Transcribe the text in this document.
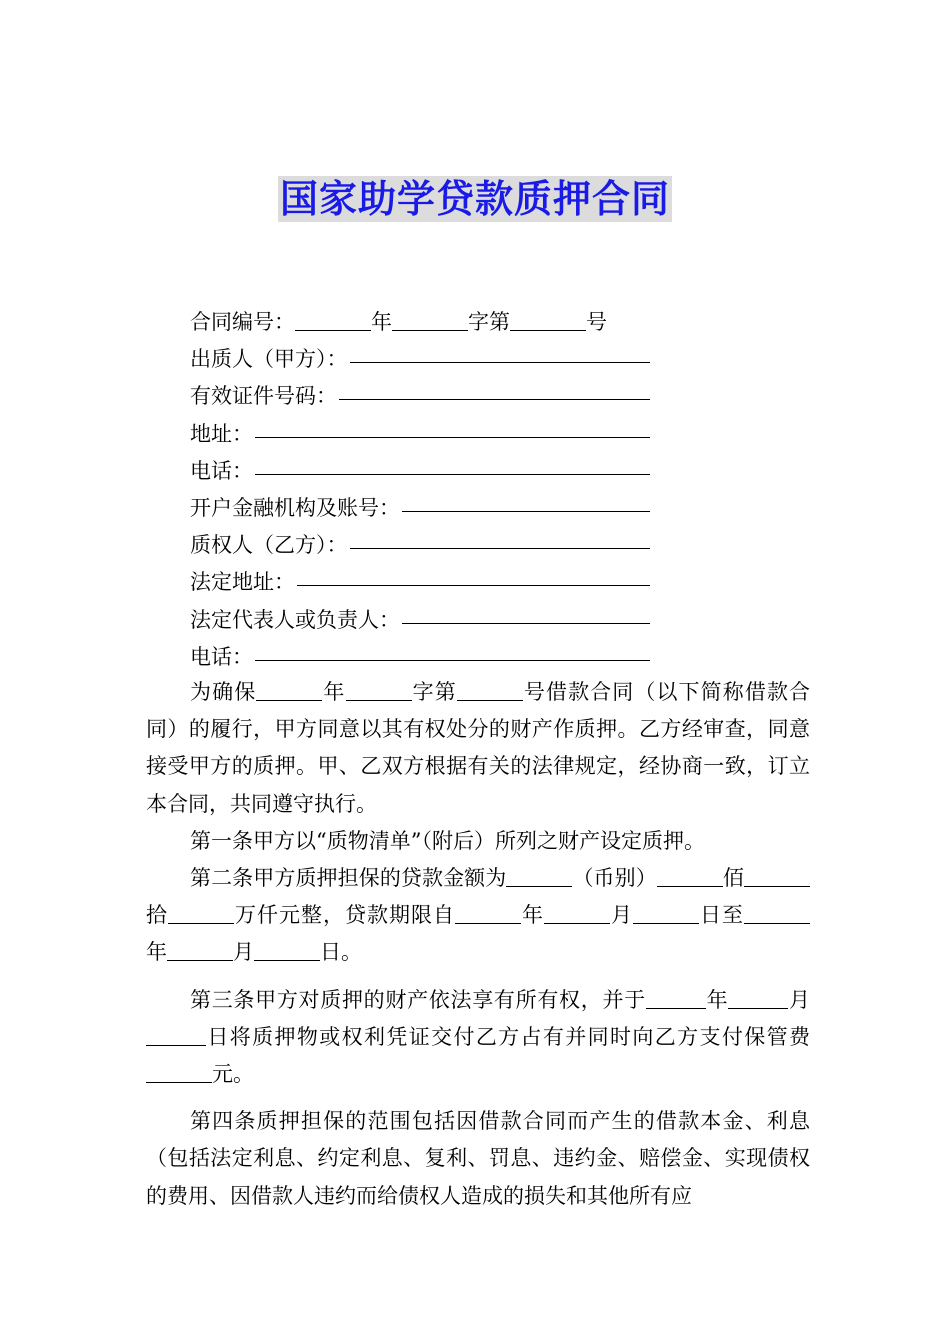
国家助学贷款质押合同
合同编号：	年	字第	号
出质人（甲方）：
有效证件号码：
地址：
电话：
开户金融机构及账号：
质权人（乙方）：
法定地址：
法定代表人或负责人：
电话：

为确保	年	字第	号借款合同（以下简称借款合同）的履行，甲方同意以其有权处分的财产作质押。乙方经审查，同意接受甲方的质押。甲、乙双方根据有关的法律规定，经协商一致，订立本合同，共同遵守执行。

第一条甲方以“质物清单”（附后）所列之财产设定质押。

第二条甲方质押担保的贷款金额为	（币别）	佰拾	万仟元整，贷款期限自	年	月	日至年	月	日。

第三条甲方对质押的财产依法享有所有权，并于	年	月日将质押物或权利凭证交付乙方占有并同时向乙方支付保管费元。

第四条质押担保的范围包括因借款合同而产生的借款本金、利息（包括法定利息、约定利息、复利、罚息、违约金、赔偿金、实现债权的费用、因借款人违约而给债权人造成的损失和其他所有应
